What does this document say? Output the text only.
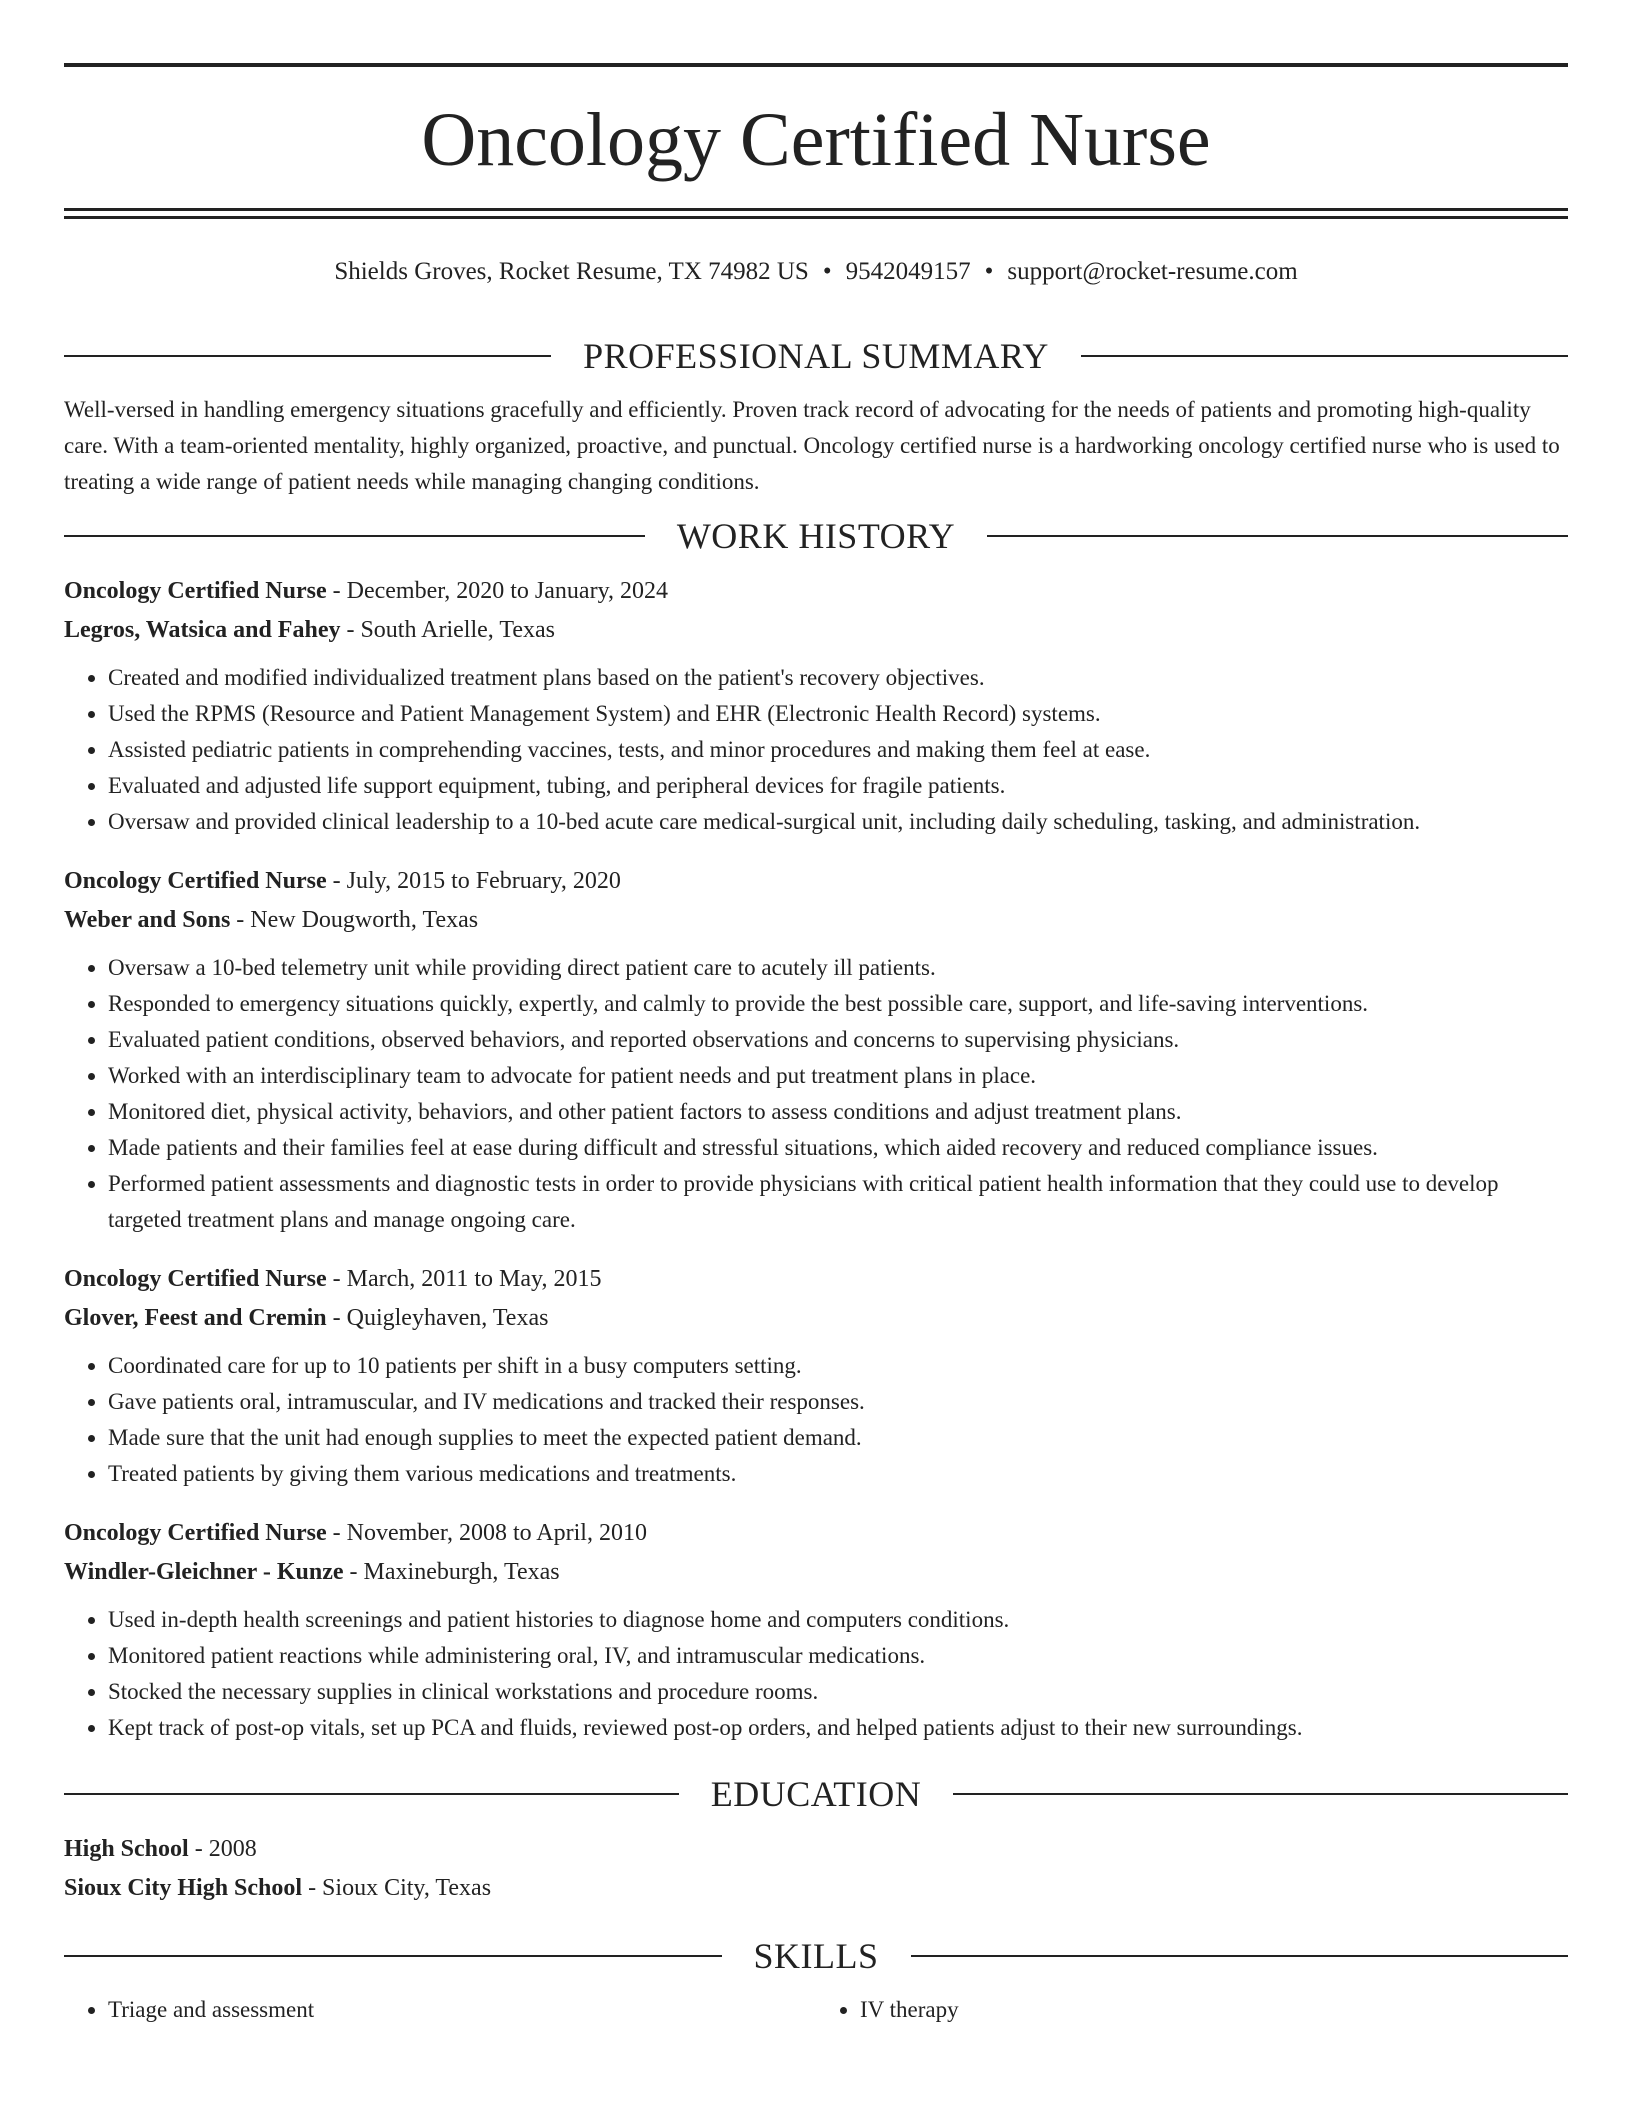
Oncology Certified Nurse
Shields Groves, Rocket Resume, TX 74982 US • 9542049157 • support@rocket-resume.com
PROFESSIONAL SUMMARY

Well-versed in handling emergency situations gracefully and efficiently. Proven track record of advocating for the needs of patients and promoting high-quality care. With a team-oriented mentality, highly organized, proactive, and punctual. Oncology certified nurse is a hardworking oncology certified nurse who is used to treating a wide range of patient needs while managing changing conditions.

WORK HISTORY
Oncology Certified Nurse - December, 2020 to January, 2024
Legros, Watsica and Fahey - South Arielle, Texas
• Created and modified individualized treatment plans based on the patient's recovery objectives.
• Used the RPMS (Resource and Patient Management System) and EHR (Electronic Health Record) systems.
• Assisted pediatric patients in comprehending vaccines, tests, and minor procedures and making them feel at ease.
• Evaluated and adjusted life support equipment, tubing, and peripheral devices for fragile patients.
• Oversaw and provided clinical leadership to a 10-bed acute care medical-surgical unit, including daily scheduling, tasking, and administration.
Oncology Certified Nurse - July, 2015 to February, 2020
Weber and Sons - New Dougworth, Texas
• Oversaw a 10-bed telemetry unit while providing direct patient care to acutely ill patients.
• Responded to emergency situations quickly, expertly, and calmly to provide the best possible care, support, and life-saving interventions.
• Evaluated patient conditions, observed behaviors, and reported observations and concerns to supervising physicians.
• Worked with an interdisciplinary team to advocate for patient needs and put treatment plans in place.
• Monitored diet, physical activity, behaviors, and other patient factors to assess conditions and adjust treatment plans.
• Made patients and their families feel at ease during difficult and stressful situations, which aided recovery and reduced compliance issues.
• Performed patient assessments and diagnostic tests in order to provide physicians with critical patient health information that they could use to develop targeted treatment plans and manage ongoing care.
Oncology Certified Nurse - March, 2011 to May, 2015
Glover, Feest and Cremin - Quigleyhaven, Texas
• Coordinated care for up to 10 patients per shift in a busy computers setting.
• Gave patients oral, intramuscular, and IV medications and tracked their responses.
• Made sure that the unit had enough supplies to meet the expected patient demand.
• Treated patients by giving them various medications and treatments.
Oncology Certified Nurse - November, 2008 to April, 2010
Windler-Gleichner - Kunze - Maxineburgh, Texas
• Used in-depth health screenings and patient histories to diagnose home and computers conditions.
• Monitored patient reactions while administering oral, IV, and intramuscular medications.
• Stocked the necessary supplies in clinical workstations and procedure rooms.
• Kept track of post-op vitals, set up PCA and fluids, reviewed post-op orders, and helped patients adjust to their new surroundings.
EDUCATION
High School - 2008
Sioux City High School - Sioux City, Texas
SKILLS
• Triage and assessment
•	IV therapy
